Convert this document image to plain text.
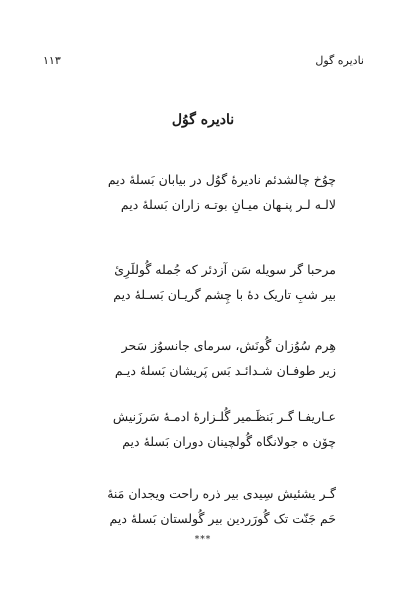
نادیره گول
۱۱۳
نادیره گوُل
چوُخ چالشدئم نادیره‌ٔ گوُل در بیابان بَسلهٔ دیم
لالـه لـر پنـهان میـانِ بوتـه زاران بَسلهٔ دیم
مرحبا گر سویله سَن آزدئر که جُمله گُوللَرِئ
بیر شبِ تاریک دهٔ با چِشم گریـان بَسـلهٔ دیم
هِرم سُوُزان گُونَش، سرمای جانسوُز سَحر
زیر طوفـان شـدائـد بَس پَریشان بَسلهٔ دیـم
عـاریفـا گـر بَنظَـمیر گُلـزارهٔ ادمـهٔ سَرزَنیش
چۆن ه جولانگاه گُولچینان دوران بَسلهٔ دیم
گـر یشئیش سِیدی بیر ذره راحت ویجدان مَنهٔ
حَم جَنّت تک گُورَردین بیر گُولستان بَسلهٔ دیم
***
